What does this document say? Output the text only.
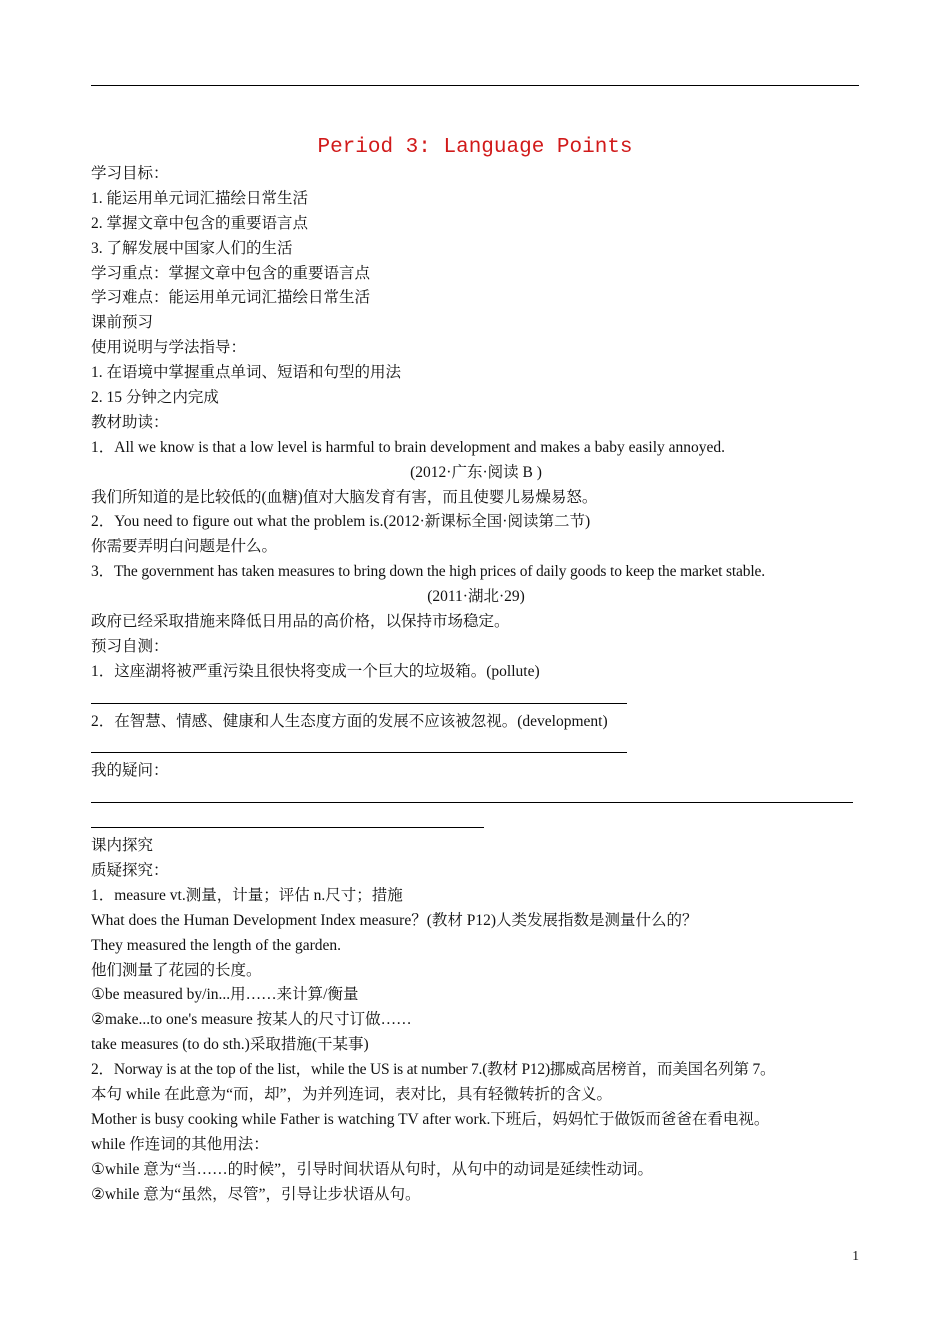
Period 3: Language Points
学习目标：
1. 能运用单元词汇描绘日常生活
2. 掌握文章中包含的重要语言点
3. 了解发展中国家人们的生活
学习重点：掌握文章中包含的重要语言点
学习难点：能运用单元词汇描绘日常生活
课前预习
使用说明与学法指导：
1. 在语境中掌握重点单词、短语和句型的用法
2. 15 分钟之内完成
教材助读：
1．All we know is that a low level is harmful to brain development and makes a baby easily annoyed.
(2012·广东·阅读 B )
我们所知道的是比较低的(血糖)值对大脑发育有害，而且使婴儿易燥易怒。
2．You need to figure out what the problem is.(2012·新课标全国·阅读第二节)
你需要弄明白问题是什么。
3．The government has taken measures to bring down the high prices of daily goods to keep the market stable.
(2011·湖北·29)
政府已经采取措施来降低日用品的高价格，以保持市场稳定。
预习自测：
1．这座湖将被严重污染且很快将变成一个巨大的垃圾箱。(pollute)
2．在智慧、情感、健康和人生态度方面的发展不应该被忽视。(development)
我的疑问：
课内探究
质疑探究：
1．measure vt.测量，计量；评估 n.尺寸；措施
What does the Human Development Index measure？(教材 P12)人类发展指数是测量什么的？
They measured the length of the garden.
他们测量了花园的长度。
①be measured by/in...用……来计算/衡量
②make...to one's measure 按某人的尺寸订做……
take measures (to do sth.)采取措施(干某事)
2．Norway is at the top of the list，while the US is at number 7.(教材 P12)挪威高居榜首，而美国名列第 7。
本句 while 在此意为“而，却”，为并列连词，表对比，具有轻微转折的含义。
Mother is busy cooking while Father is watching TV after work.下班后，妈妈忙于做饭而爸爸在看电视。
while 作连词的其他用法：
①while 意为“当……的时候”，引导时间状语从句时，从句中的动词是延续性动词。
②while 意为“虽然，尽管”，引导让步状语从句。
1
